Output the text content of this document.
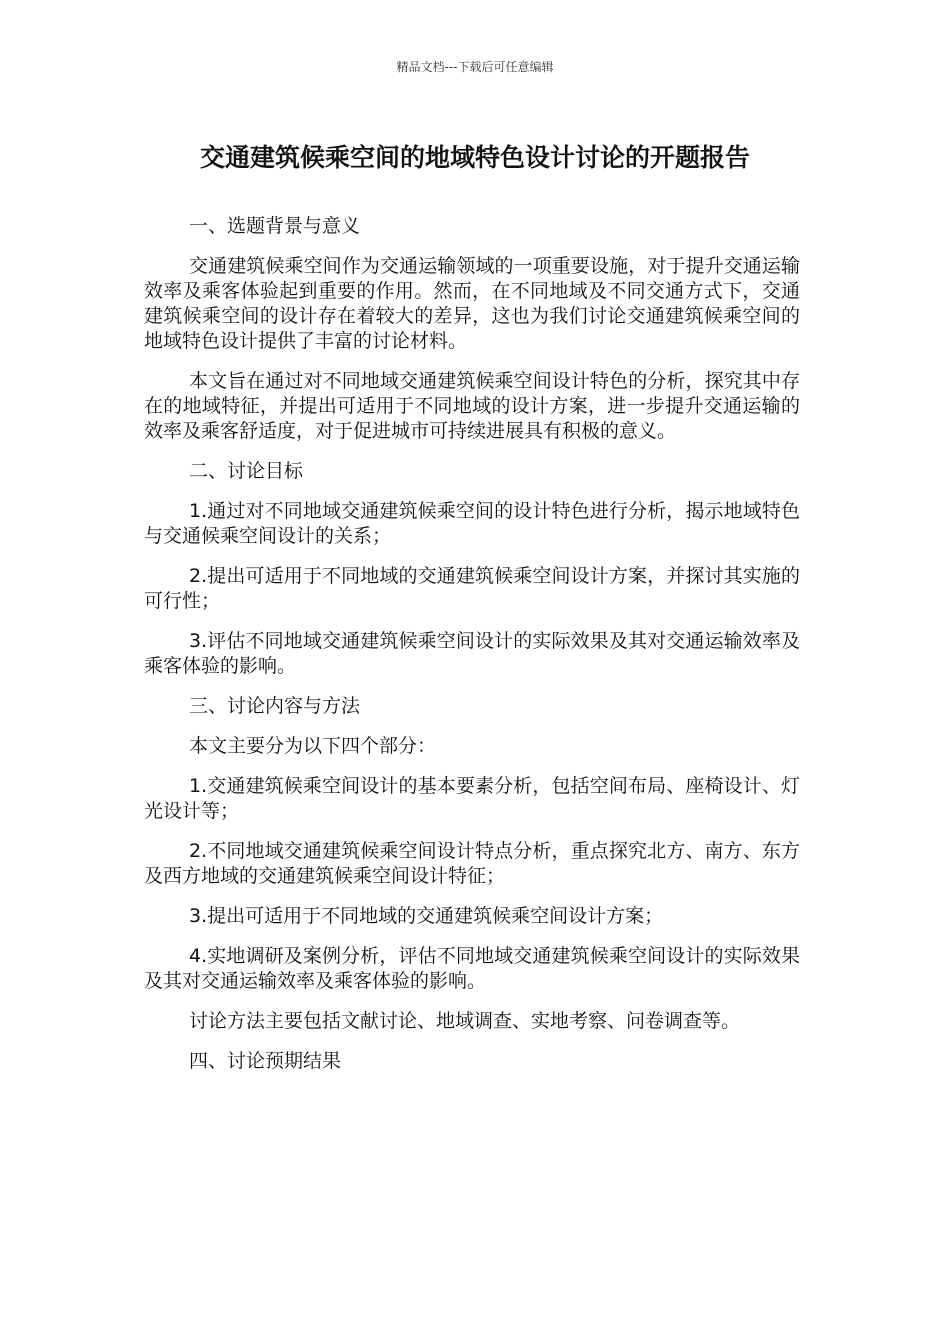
精品文档---下载后可任意编辑
交通建筑候乘空间的地域特色设计讨论的开题报告

一、选题背景与意义

交通建筑候乘空间作为交通运输领域的一项重要设施，对于提升交通运输效率及乘客体验起到重要的作用。然而，在不同地域及不同交通方式下，交通建筑候乘空间的设计存在着较大的差异，这也为我们讨论交通建筑候乘空间的地域特色设计提供了丰富的讨论材料。

本文旨在通过对不同地域交通建筑候乘空间设计特色的分析，探究其中存在的地域特征，并提出可适用于不同地域的设计方案，进一步提升交通运输的效率及乘客舒适度，对于促进城市可持续进展具有积极的意义。

二、讨论目标

1.通过对不同地域交通建筑候乘空间的设计特色进行分析，揭示地域特色与交通候乘空间设计的关系；

2.提出可适用于不同地域的交通建筑候乘空间设计方案，并探讨其实施的可行性；

3.评估不同地域交通建筑候乘空间设计的实际效果及其对交通运输效率及乘客体验的影响。

三、讨论内容与方法

本文主要分为以下四个部分：

1.交通建筑候乘空间设计的基本要素分析，包括空间布局、座椅设计、灯光设计等；

2.不同地域交通建筑候乘空间设计特点分析，重点探究北方、南方、东方及西方地域的交通建筑候乘空间设计特征；

3.提出可适用于不同地域的交通建筑候乘空间设计方案；

4.实地调研及案例分析，评估不同地域交通建筑候乘空间设计的实际效果及其对交通运输效率及乘客体验的影响。

讨论方法主要包括文献讨论、地域调查、实地考察、问卷调查等。

四、讨论预期结果
